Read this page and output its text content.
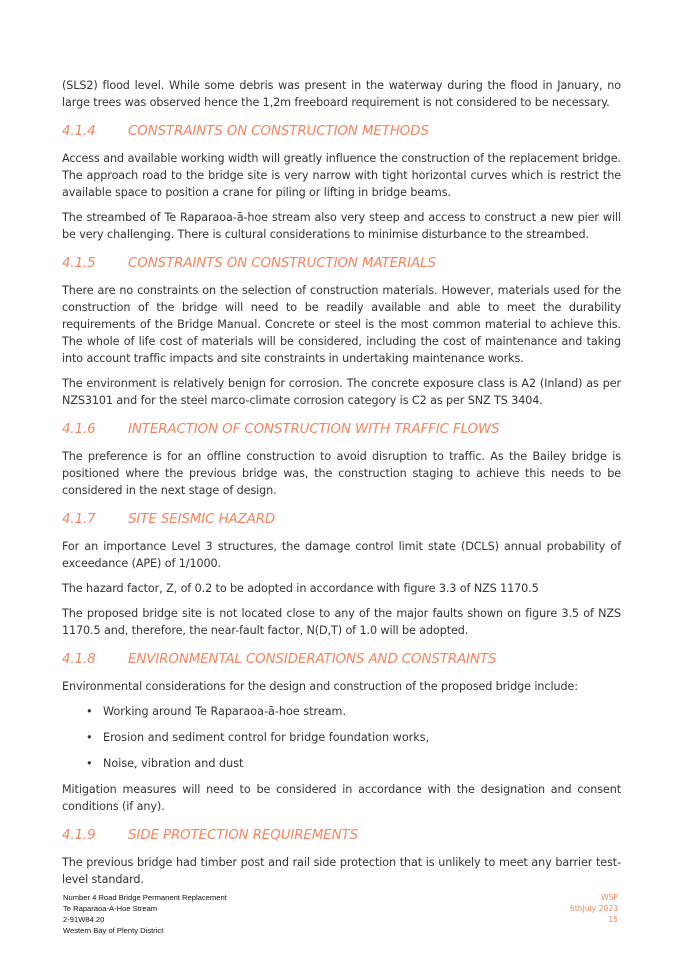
(SLS2) flood level. While some debris was present in the waterway during the flood in January, no large trees was observed hence the 1,2m freeboard requirement is not considered to be necessary.

4.1.4 CONSTRAINTS ON CONSTRUCTION METHODS

Access and available working width will greatly influence the construction of the replacement bridge. The approach road to the bridge site is very narrow with tight horizontal curves which is restrict the available space to position a crane for piling or lifting in bridge beams.

The streambed of Te Raparaoa-ā-hoe stream also very steep and access to construct a new pier will be very challenging. There is cultural considerations to minimise disturbance to the streambed.

4.1.5 CONSTRAINTS ON CONSTRUCTION MATERIALS

There are no constraints on the selection of construction materials. However, materials used for the construction of the bridge will need to be readily available and able to meet the durability requirements of the Bridge Manual. Concrete or steel is the most common material to achieve this. The whole of life cost of materials will be considered, including the cost of maintenance and taking into account traffic impacts and site constraints in undertaking maintenance works.

The environment is relatively benign for corrosion. The concrete exposure class is A2 (Inland) as per NZS3101 and for the steel marco-climate corrosion category is C2 as per SNZ TS 3404.

4.1.6 INTERACTION OF CONSTRUCTION WITH TRAFFIC FLOWS

The preference is for an offline construction to avoid disruption to traffic. As the Bailey bridge is positioned where the previous bridge was, the construction staging to achieve this needs to be considered in the next stage of design.

4.1.7 SITE SEISMIC HAZARD

For an importance Level 3 structures, the damage control limit state (DCLS) annual probability of exceedance (APE) of 1/1000.

The hazard factor, Z, of 0.2 to be adopted in accordance with figure 3.3 of NZS 1170.5

The proposed bridge site is not located close to any of the major faults shown on figure 3.5 of NZS 1170.5 and, therefore, the near-fault factor, N(D,T) of 1.0 will be adopted.

4.1.8 ENVIRONMENTAL CONSIDERATIONS AND CONSTRAINTS

Environmental considerations for the design and construction of the proposed bridge include:

• Working around Te Raparaoa-ā-hoe stream.
• Erosion and sediment control for bridge foundation works,
• Noise, vibration and dust

Mitigation measures will need to be considered in accordance with the designation and consent conditions (if any).

4.1.9 SIDE PROTECTION REQUIREMENTS

The previous bridge had timber post and rail side protection that is unlikely to meet any barrier test-level standard.

Number 4 Road Bridge Permanent Replacement
Te Raparaoa-A-Hoe Stream
2-91W84.20
Western Bay of Plenty District
WSP
6thJuly 2023
15
